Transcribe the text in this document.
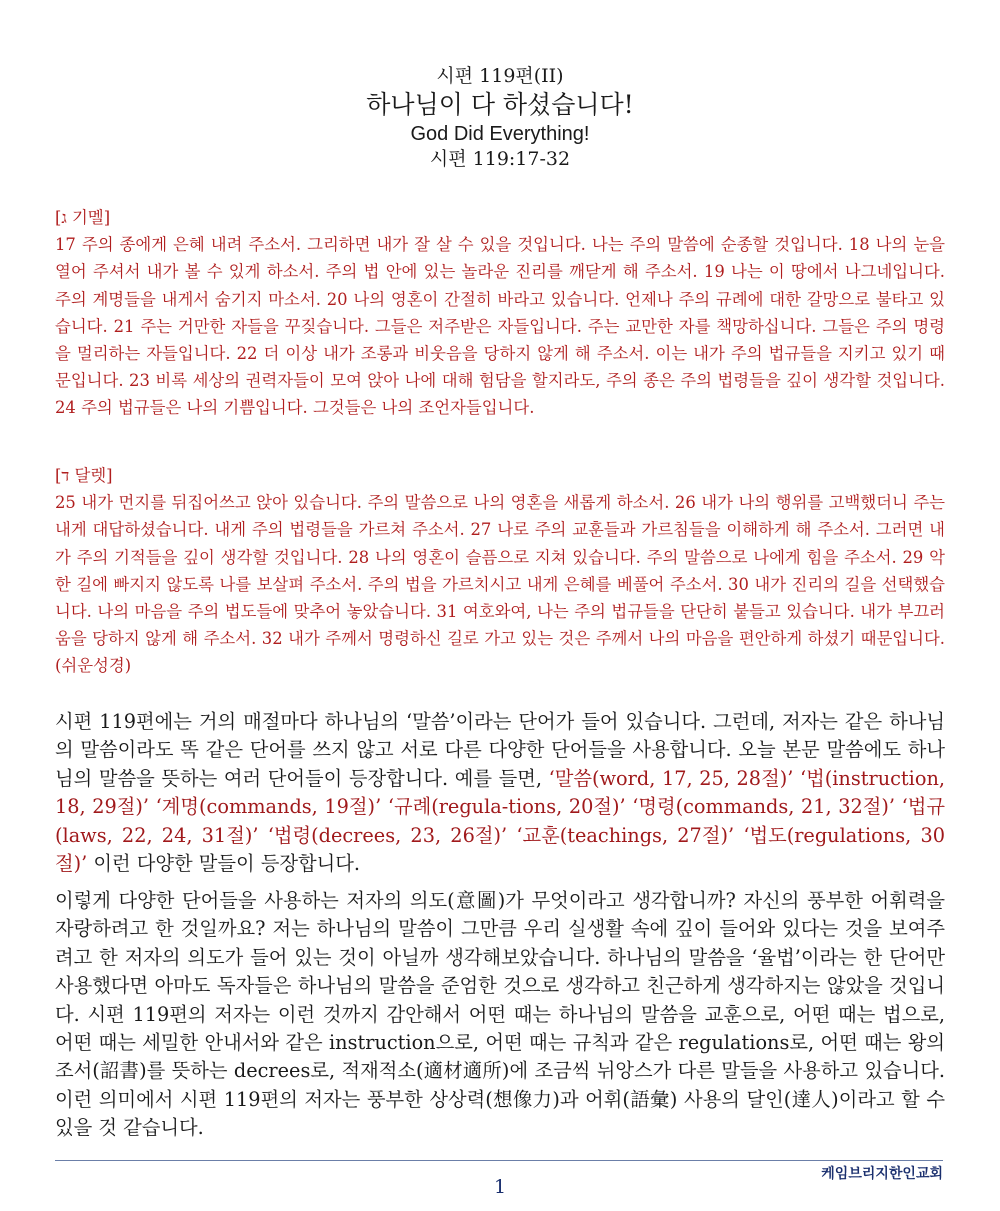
시편 119편(II)
하나님이 다 하셨습니다!
God Did Everything!
시편 119:17-32
[ג 기멜]
17 주의 종에게 은혜 내려 주소서. 그리하면 내가 잘 살 수 있을 것입니다. 나는 주의 말씀에 순종할 것입니다. 18 나의 눈을 열어 주셔서 내가 볼 수 있게 하소서. 주의 법 안에 있는 놀라운 진리를 깨닫게 해 주소서. 19 나는 이 땅에서 나그네입니다. 주의 계명들을 내게서 숨기지 마소서. 20 나의 영혼이 간절히 바라고 있습니다. 언제나 주의 규례에 대한 갈망으로 불타고 있습니다. 21 주는 거만한 자들을 꾸짖습니다. 그들은 저주받은 자들입니다. 주는 교만한 자를 책망하십니다. 그들은 주의 명령을 멀리하는 자들입니다. 22 더 이상 내가 조롱과 비웃음을 당하지 않게 해 주소서. 이는 내가 주의 법규들을 지키고 있기 때문입니다. 23 비록 세상의 권력자들이 모여 앉아 나에 대해 험담을 할지라도, 주의 종은 주의 법령들을 깊이 생각할 것입니다. 24 주의 법규들은 나의 기쁨입니다. 그것들은 나의 조언자들입니다.
[ד 달렛]
25 내가 먼지를 뒤집어쓰고 앉아 있습니다. 주의 말씀으로 나의 영혼을 새롭게 하소서. 26 내가 나의 행위를 고백했더니 주는 내게 대답하셨습니다. 내게 주의 법령들을 가르쳐 주소서. 27 나로 주의 교훈들과 가르침들을 이해하게 해 주소서. 그러면 내가 주의 기적들을 깊이 생각할 것입니다. 28 나의 영혼이 슬픔으로 지쳐 있습니다. 주의 말씀으로 나에게 힘을 주소서. 29 악한 길에 빠지지 않도록 나를 보살펴 주소서. 주의 법을 가르치시고 내게 은혜를 베풀어 주소서. 30 내가 진리의 길을 선택했습니다. 나의 마음을 주의 법도들에 맞추어 놓았습니다. 31 여호와여, 나는 주의 법규들을 단단히 붙들고 있습니다. 내가 부끄러움을 당하지 않게 해 주소서. 32 내가 주께서 명령하신 길로 가고 있는 것은 주께서 나의 마음을 편안하게 하셨기 때문입니다. (쉬운성경)
시편 119편에는 거의 매절마다 하나님의 ‘말씀’이라는 단어가 들어 있습니다. 그런데, 저자는 같은 하나님의 말씀이라도 똑 같은 단어를 쓰지 않고 서로 다른 다양한 단어들을 사용합니다. 오늘 본문 말씀에도 하나님의 말씀을 뜻하는 여러 단어들이 등장합니다. 예를 들면, ‘말씀(word, 17, 25, 28절)’ ‘법(instruction, 18, 29절)’ ‘계명(commands, 19절)’ ‘규례(regula-tions, 20절)’ ‘명령(commands, 21, 32절)’ ‘법규(laws, 22, 24, 31절)’ ‘법령(decrees, 23, 26절)’ ‘교훈(teachings, 27절)’ ‘법도(regulations, 30절)’ 이런 다양한 말들이 등장합니다.
이렇게 다양한 단어들을 사용하는 저자의 의도(意圖)가 무엇이라고 생각합니까? 자신의 풍부한 어휘력을 자랑하려고 한 것일까요? 저는 하나님의 말씀이 그만큼 우리 실생활 속에 깊이 들어와 있다는 것을 보여주려고 한 저자의 의도가 들어 있는 것이 아닐까 생각해보았습니다. 하나님의 말씀을 ‘율법’이라는 한 단어만 사용했다면 아마도 독자들은 하나님의 말씀을 준엄한 것으로 생각하고 친근하게 생각하지는 않았을 것입니다. 시편 119편의 저자는 이런 것까지 감안해서 어떤 때는 하나님의 말씀을 교훈으로, 어떤 때는 법으로, 어떤 때는 세밀한 안내서와 같은 instruction으로, 어떤 때는 규칙과 같은 regulations로, 어떤 때는 왕의 조서(詔書)를 뜻하는 decrees로, 적재적소(適材適所)에 조금씩 뉘앙스가 다른 말들을 사용하고 있습니다. 이런 의미에서 시편 119편의 저자는 풍부한 상상력(想像力)과 어휘(語彙) 사용의 달인(達人)이라고 할 수 있을 것 같습니다.
케임브리지한인교회
1
